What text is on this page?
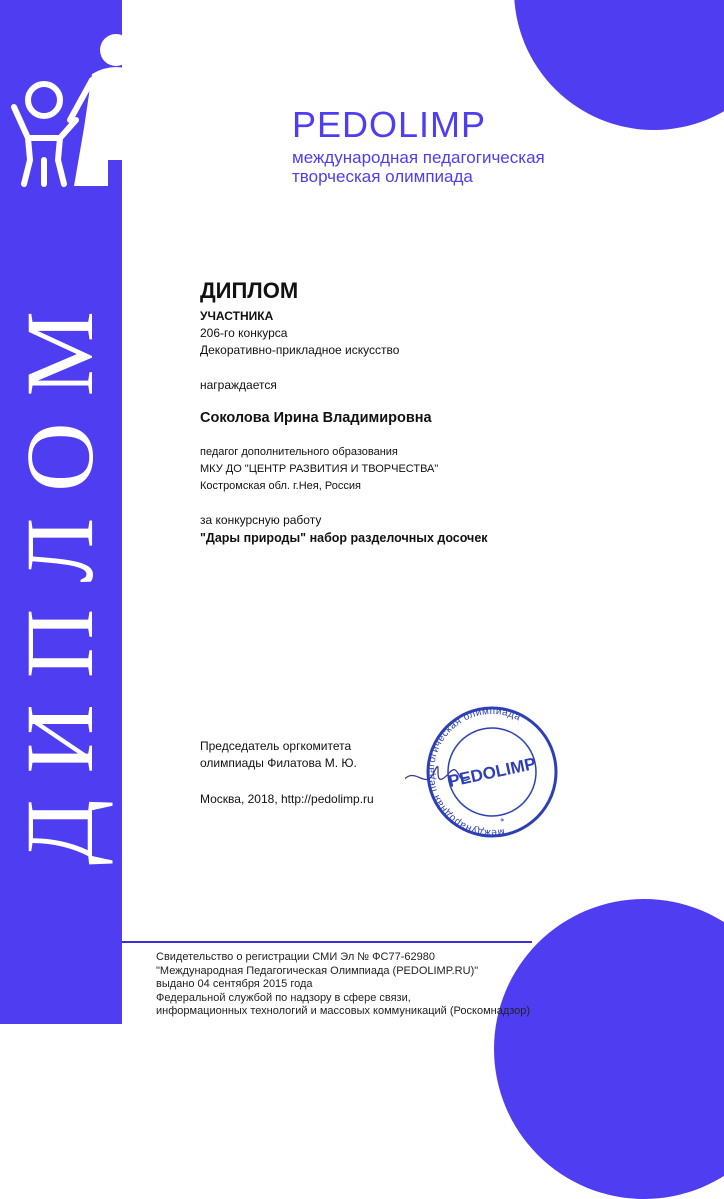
ДИПЛОМ
PEDOLIMP
международная педагогическая
творческая олимпиада
ДИПЛОМ
УЧАСТНИКА
206-го конкурса
Декоративно-прикладное искусство
награждается
Соколова Ирина Владимировна
педагог дополнительного образования
МКУ ДО "ЦЕНТР РАЗВИТИЯ И ТВОРЧЕСТВА"
Костромская обл. г.Нея, Россия
за конкурсную работу
"Дары природы" набор разделочных досочек
Председатель оргкомитета
олимпиады Филатова М. Ю.
Москва, 2018, http://pedolimp.ru
международная педагогическая олимпиада
PEDOLIMP
*
Свидетельство о регистрации СМИ Эл № ФС77-62980
"Международная Педагогическая Олимпиада (PEDOLIMP.RU)"
выдано 04 сентября 2015 года
Федеральной службой по надзору в сфере связи,
информационных технологий и массовых коммуникаций (Роскомнадзор)
